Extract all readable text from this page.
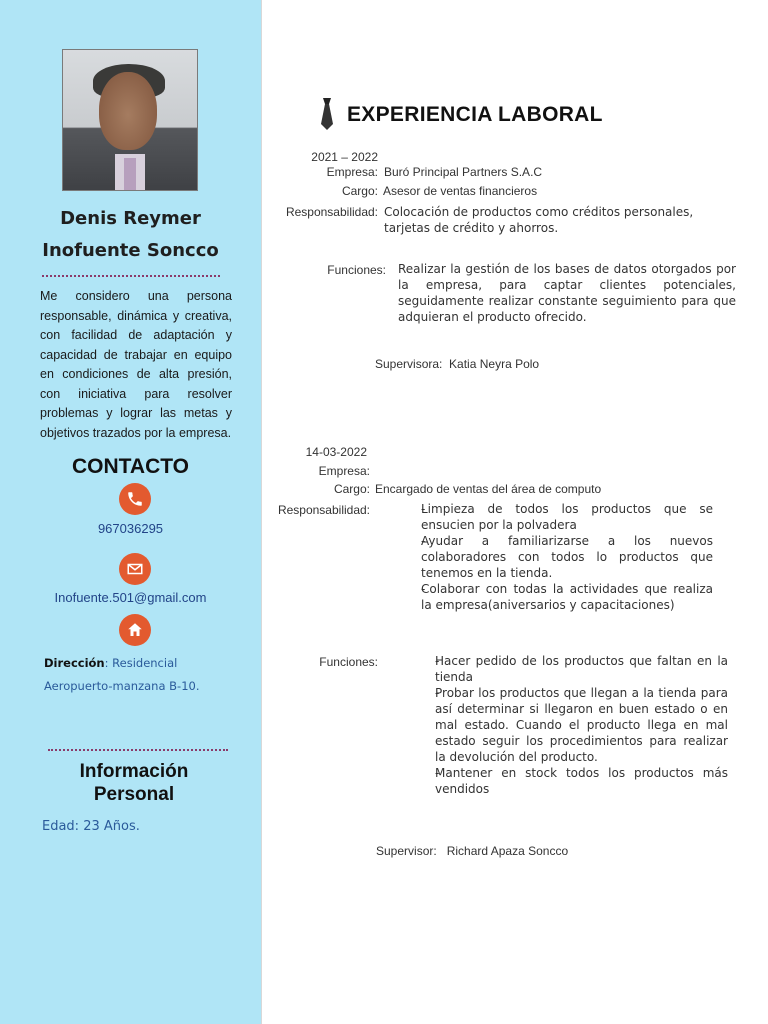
Denis Reymer
Inofuente Soncco
Me considero una persona responsable, dinámica y creativa, con facilidad de adaptación y capacidad de trabajar en equipo en condiciones de alta presión, con iniciativa para resolver problemas y lograr las metas y objetivos trazados por la empresa.
CONTACTO
967036295
Inofuente.501@gmail.com
Dirección: Residencial Aeropuerto-manzana B-10.
Información
Personal
Edad: 23 Años.
EXPERIENCIA LABORAL
2021 – 2022
Empresa: Buró Principal Partners S.A.C
Cargo: Asesor de ventas financieros
Responsabilidad: Colocación de productos como créditos personales, tarjetas de crédito y ahorros.
Funciones: Realizar la gestión de los bases de datos otorgados por la empresa, para captar clientes potenciales, seguidamente realizar constante seguimiento para que adquieran el producto ofrecido.
Supervisora: Katia Neyra Polo
14-03-2022
Empresa:
Cargo: Encargado de ventas del área de computo
Responsabilidad:	- Limpieza de todos los productos que se ensucien por la polvadera
- Ayudar a familiarizarse a los nuevos colaboradores con todos lo productos que tenemos en la tienda.
- Colaborar con todas la actividades que realiza la empresa(aniversarios y capacitaciones)
Funciones:	- Hacer pedido de los productos que faltan en la tienda
- Probar los productos que llegan a la tienda para así determinar si llegaron en buen estado o en mal estado. Cuando el producto llega en mal estado seguir los procedimientos para realizar la devolución del producto.
- Mantener en stock todos los productos más vendidos
Supervisor: Richard Apaza Soncco
